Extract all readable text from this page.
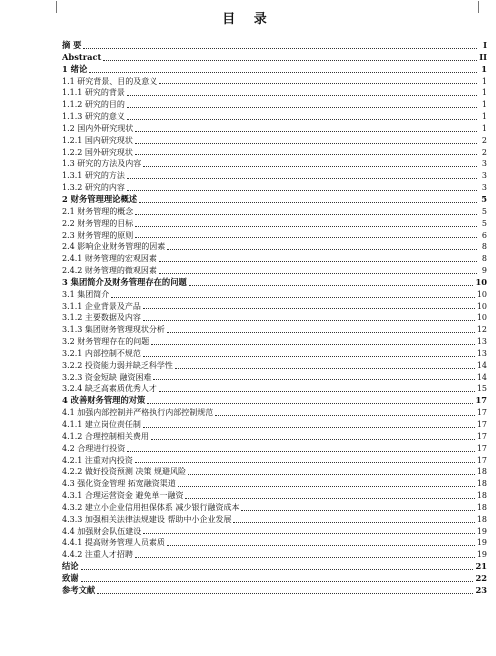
目 录
摘 要	I
Abstract	II
1 绪论	1
1.1 研究背景、目的及意义	1
1.1.1 研究的背景	1
1.1.2 研究的目的	1
1.1.3 研究的意义	1
1.2 国内外研究现状	1
1.2.1 国内研究现状	2
1.2.2 国外研究现状	2
1.3 研究的方法及内容	3
1.3.1 研究的方法	3
1.3.2 研究的内容	3
2 财务管理理论概述	5
2.1 财务管理的概念	5
2.2 财务管理的目标	5
2.3 财务管理的原则	6
2.4 影响企业财务管理的因素	8
2.4.1 财务管理的宏观因素	8
2.4.2 财务管理的微观因素	9
3 集团简介及财务管理存在的问题	10
3.1 集团简介	10
3.1.1 企业背景及产品	10
3.1.2 主要数据及内容	10
3.1.3 集团财务管理现状分析	12
3.2 财务管理存在的问题	13
3.2.1 内部控制不规范	13
3.2.2 投资能力弱并缺乏科学性	14
3.2.3 资金短缺 融资困难	14
3.2.4 缺乏高素质优秀人才	15
4 改善财务管理的对策	17
4.1 加强内部控制并严格执行内部控制规范	17
4.1.1 建立岗位责任制	17
4.1.2 合理控制相关费用	17
4.2 合理进行投资	17
4.2.1 注重对内投资	17
4.2.2 做好投资预测 决策 规避风险	18
4.3 强化资金管理 拓宽融资渠道	18
4.3.1 合理运营资金 避免单一融资	18
4.3.2 建立小企业信用担保体系 减少银行融资成本	18
4.3.3 加强相关法律法规建设 帮助中小企业发展	18
4.4 加强财会队伍建设	19
4.4.1 提高财务管理人员素质	19
4.4.2 注重人才招聘	19
结论	21
致谢	22
参考文献	23
